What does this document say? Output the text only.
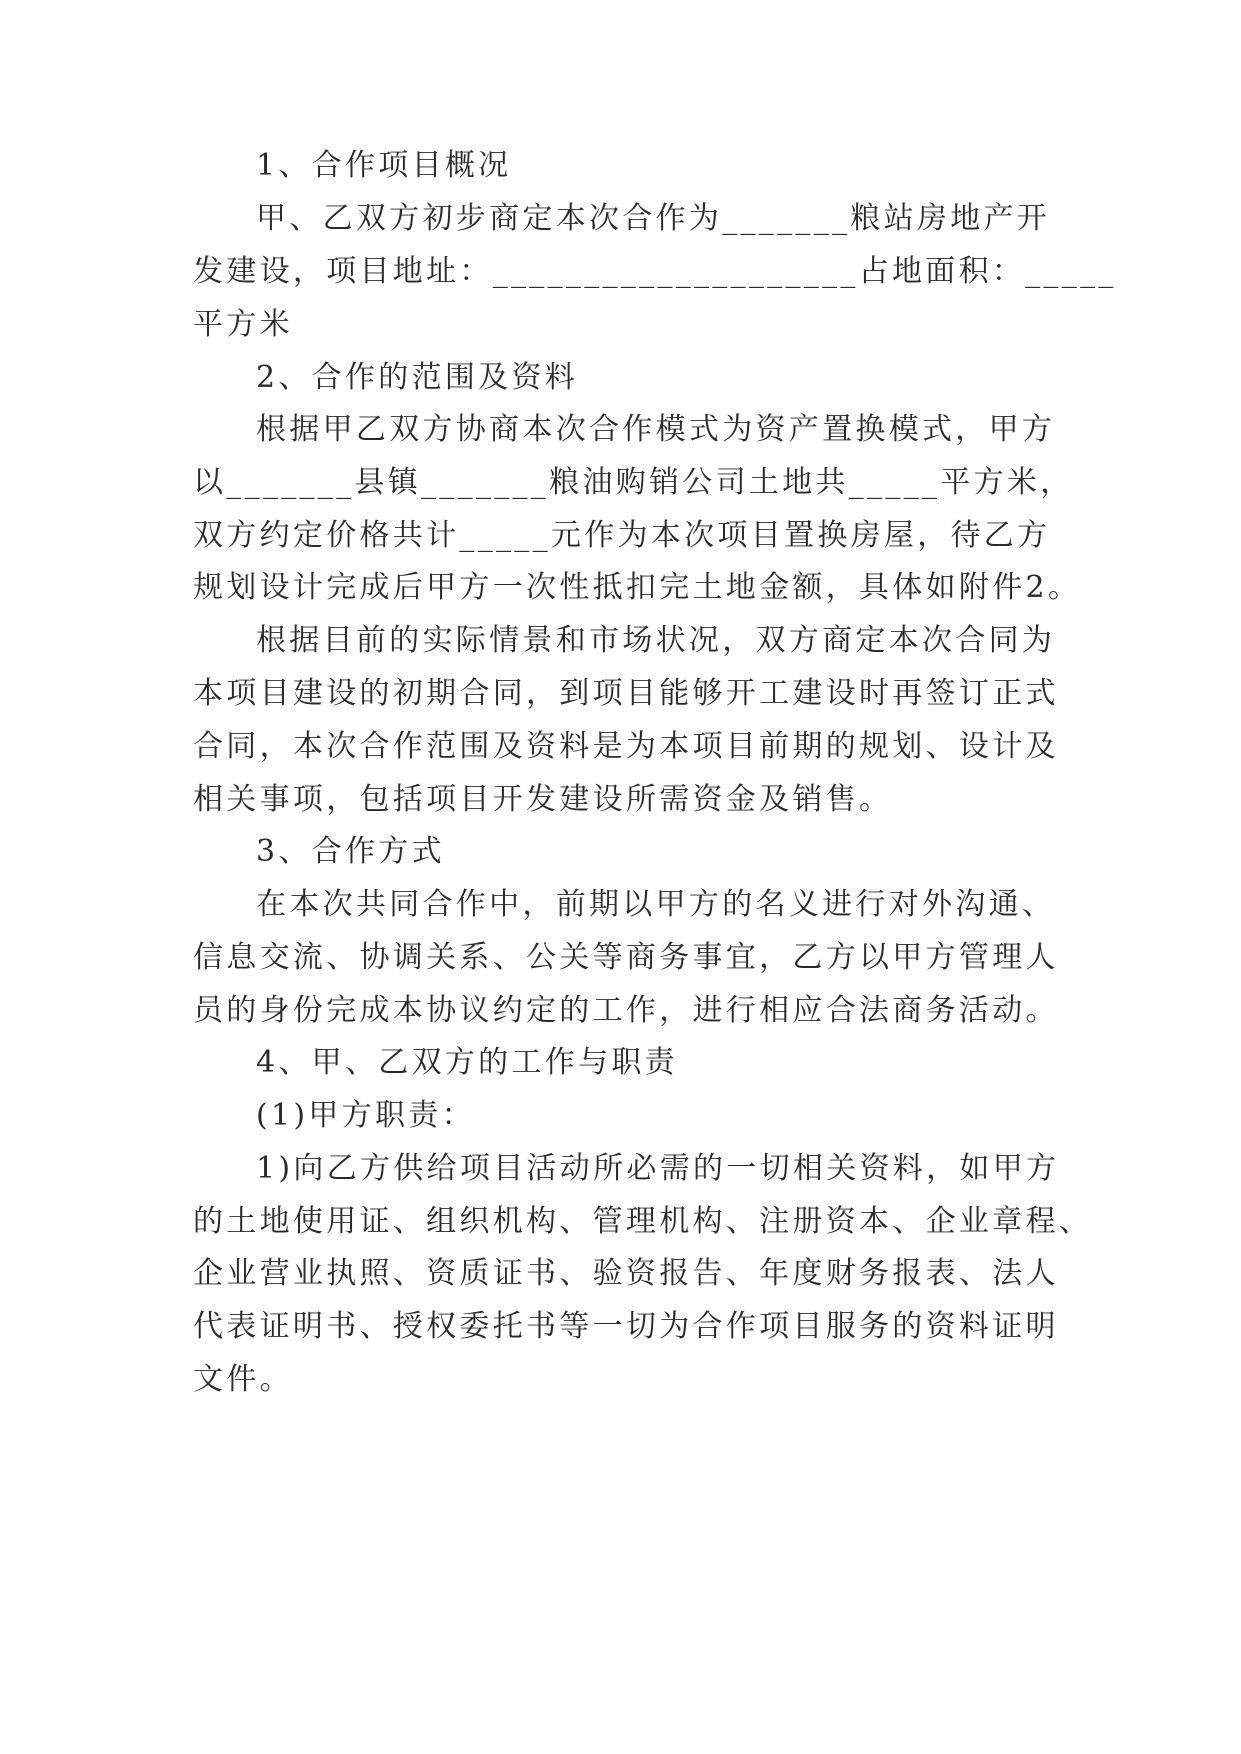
1、合作项目概况
甲、乙双方初步商定本次合作为_______粮站房地产开
发建设，项目地址：____________________占地面积：_____
平方米
2、合作的范围及资料
根据甲乙双方协商本次合作模式为资产置换模式，甲方
以_______县镇_______粮油购销公司土地共_____平方米，
双方约定价格共计_____元作为本次项目置换房屋，待乙方
规划设计完成后甲方一次性抵扣完土地金额，具体如附件2。
根据目前的实际情景和市场状况，双方商定本次合同为
本项目建设的初期合同，到项目能够开工建设时再签订正式
合同，本次合作范围及资料是为本项目前期的规划、设计及
相关事项，包括项目开发建设所需资金及销售。
3、合作方式
在本次共同合作中，前期以甲方的名义进行对外沟通、
信息交流、协调关系、公关等商务事宜，乙方以甲方管理人
员的身份完成本协议约定的工作，进行相应合法商务活动。
4、甲、乙双方的工作与职责
(1)甲方职责：
1)向乙方供给项目活动所必需的一切相关资料，如甲方
的土地使用证、组织机构、管理机构、注册资本、企业章程、
企业营业执照、资质证书、验资报告、年度财务报表、法人
代表证明书、授权委托书等一切为合作项目服务的资料证明
文件。
